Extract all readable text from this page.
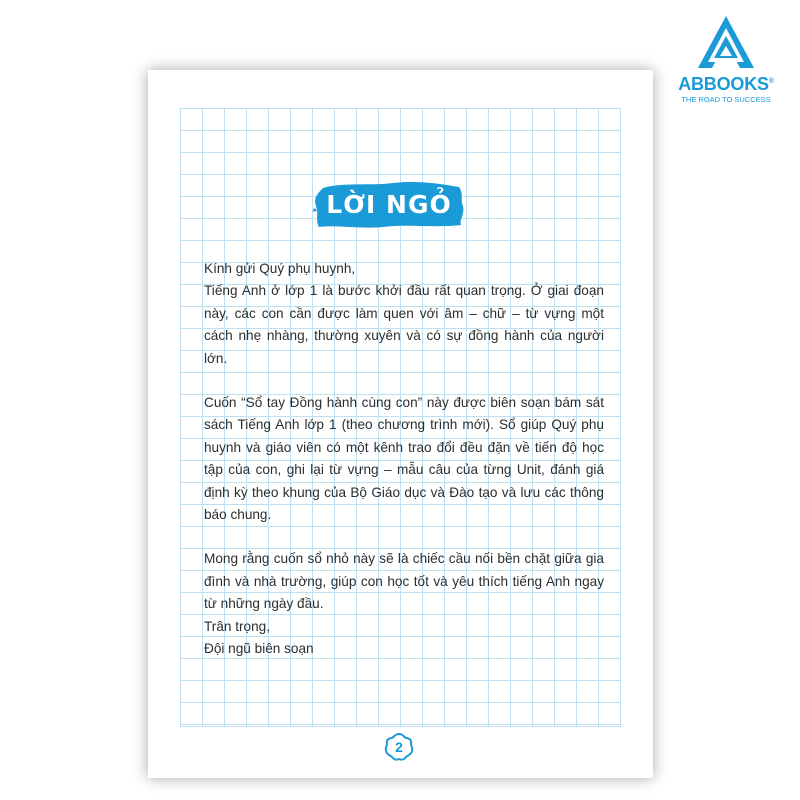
ABBOOKS®
THE ROAD TO SUCCESS
LỜI NGỎ

Kính gửi Quý phụ huynh,

Tiếng Anh ở lớp 1 là bước khởi đầu rất quan trọng. Ở giai đoạn này, các con cần được làm quen với âm – chữ – từ vựng một cách nhẹ nhàng, thường xuyên và có sự đồng hành của người lớn.

Cuốn “Sổ tay Đồng hành cùng con” này được biên soạn bám sát sách Tiếng Anh lớp 1 (theo chương trình mới). Sổ giúp Quý phụ huynh và giáo viên có một kênh trao đổi đều đặn về tiến độ học tập của con, ghi lại từ vựng – mẫu câu của từng Unit, đánh giá định kỳ theo khung của Bộ Giáo dục và Đào tạo và lưu các thông báo chung.

Mong rằng cuốn sổ nhỏ này sẽ là chiếc cầu nối bền chặt giữa gia đình và nhà trường, giúp con học tốt và yêu thích tiếng Anh ngay từ những ngày đầu.

Trân trọng,

Đội ngũ biên soạn

2
